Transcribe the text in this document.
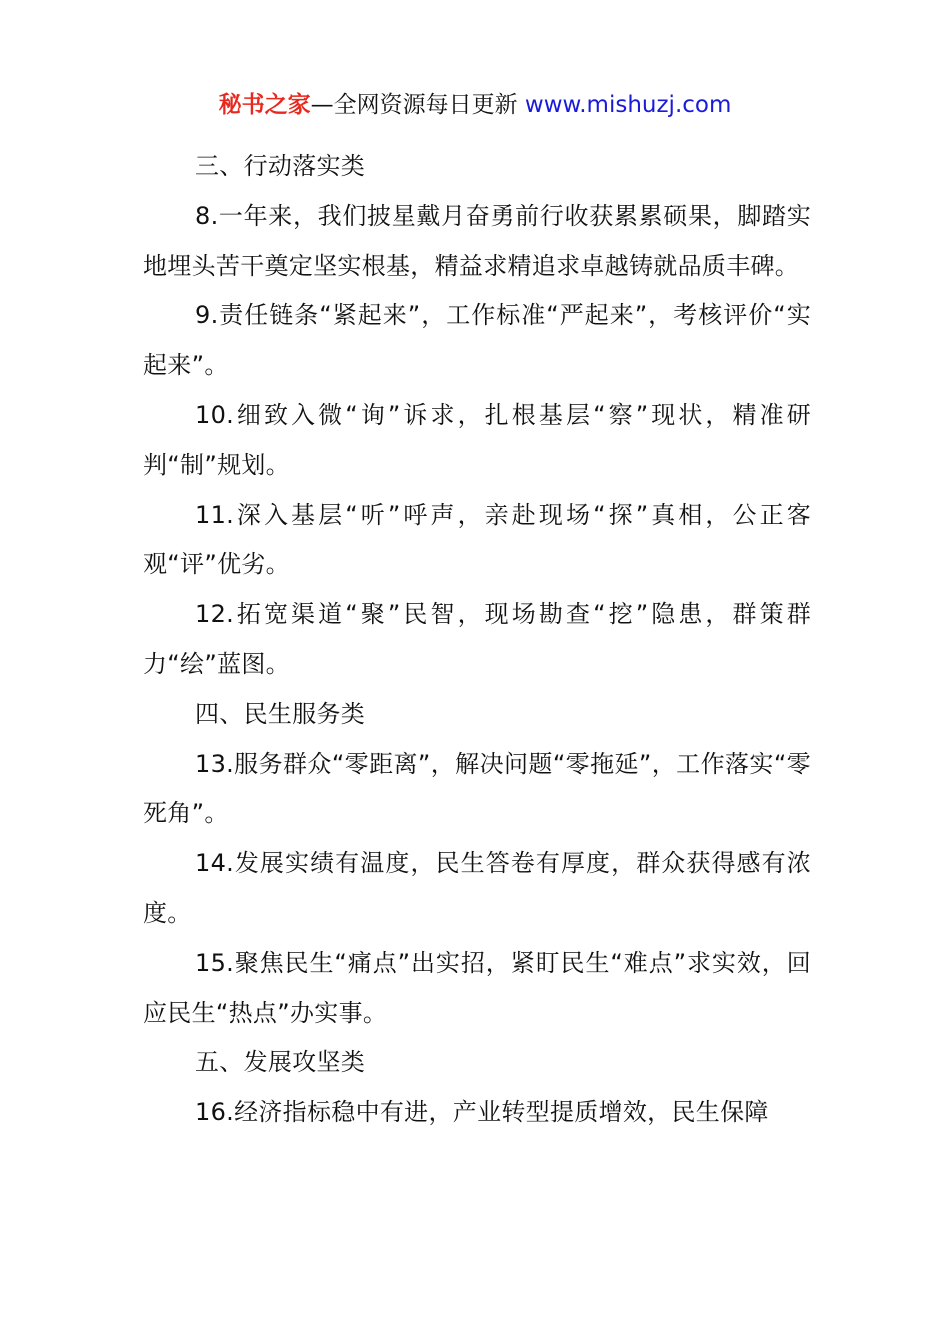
秘书之家—全网资源每日更新 www.mishuzj.com

三、行动落实类

8.一年来，我们披星戴月奋勇前行收获累累硕果，脚踏实地埋头苦干奠定坚实根基，精益求精追求卓越铸就品质丰碑。

9.责任链条“紧起来”，工作标准“严起来”，考核评价“实起来”。

10.细致入微“询”诉求，扎根基层“察”现状，精准研判“制”规划。

11.深入基层“听”呼声，亲赴现场“探”真相，公正客观“评”优劣。

12.拓宽渠道“聚”民智，现场勘查“挖”隐患，群策群力“绘”蓝图。

四、民生服务类

13.服务群众“零距离”，解决问题“零拖延”，工作落实“零死角”。

14.发展实绩有温度，民生答卷有厚度，群众获得感有浓度。

15.聚焦民生“痛点”出实招，紧盯民生“难点”求实效，回应民生“热点”办实事。

五、发展攻坚类

16.经济指标稳中有进，产业转型提质增效，民生保障
